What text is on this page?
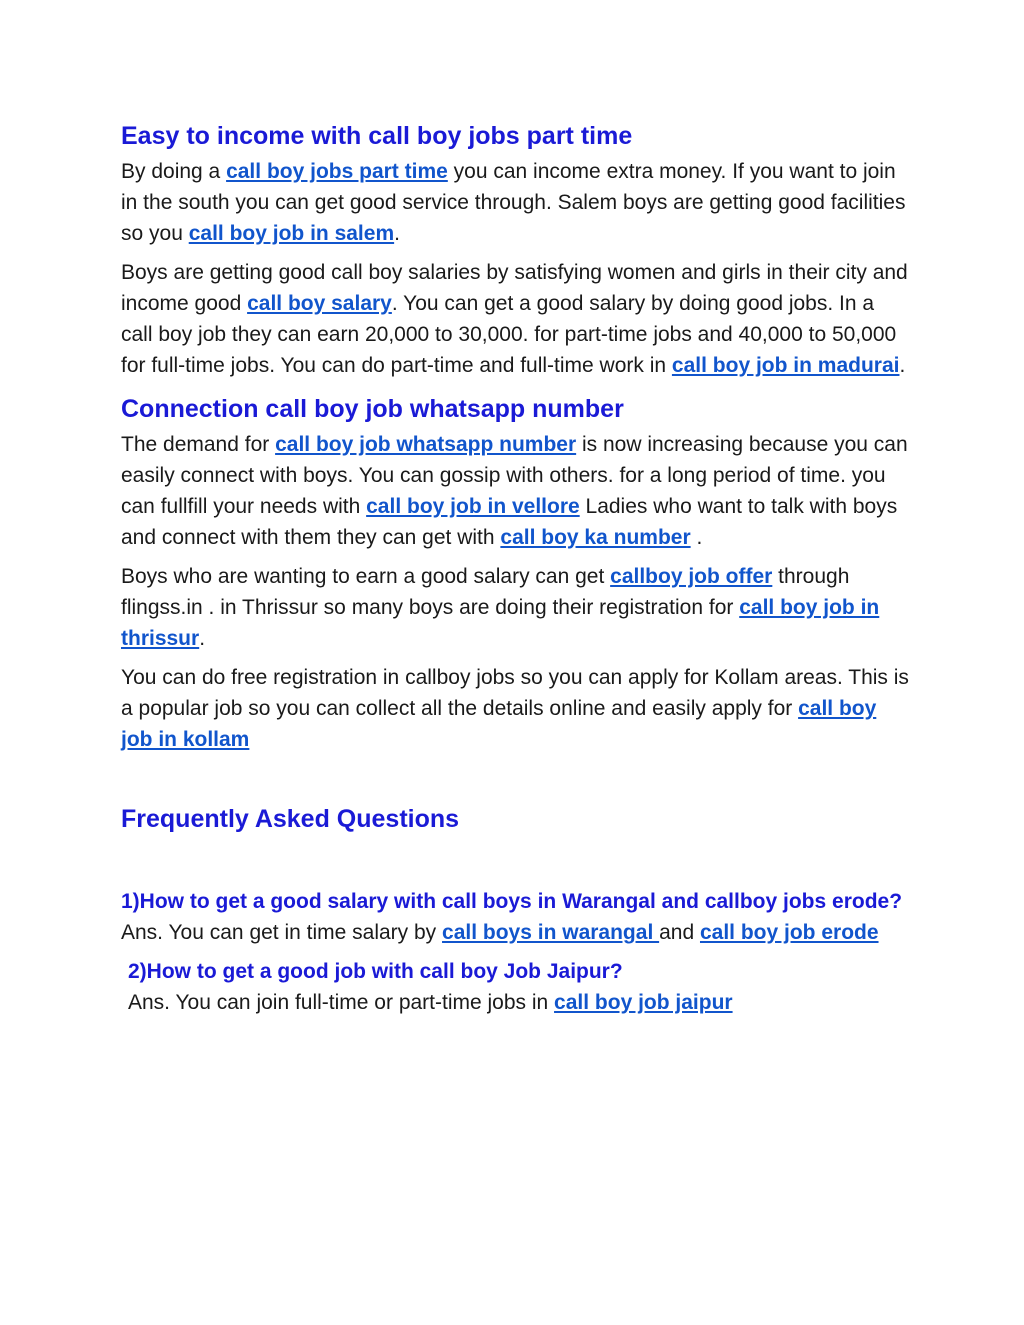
Easy to income with call boy jobs part time

By doing a call boy jobs part time you can income extra money. If you want to join in the south you can get good service through. Salem boys are getting good facilities so you call boy job in salem.

Boys are getting good call boy salaries by satisfying women and girls in their city and income good call boy salary. You can get a good salary by doing good jobs. In a call boy job they can earn 20,000 to 30,000. for part-time jobs and 40,000 to 50,000 for full-time jobs. You can do part-time and full-time work in call boy job in madurai.

Connection call boy job whatsapp number

The demand for call boy job whatsapp number is now increasing because you can easily connect with boys. You can gossip with others. for a long period of time. you can fullfill your needs with call boy job in vellore Ladies who want to talk with boys and connect with them they can get with call boy ka number .

Boys who are wanting to earn a good salary can get callboy job offer through flingss.in . in Thrissur so many boys are doing their registration for call boy job in thrissur.

You can do free registration in callboy jobs so you can apply for Kollam areas. This is a popular job so you can collect all the details online and easily apply for call boy job in kollam

Frequently Asked Questions
1)How to get a good salary with call boys in Warangal and callboy jobs erode?

Ans. You can get in time salary by call boys in warangal and call boy job erode

2)How to get a good job with call boy Job Jaipur?

Ans. You can join full-time or part-time jobs in call boy job jaipur
